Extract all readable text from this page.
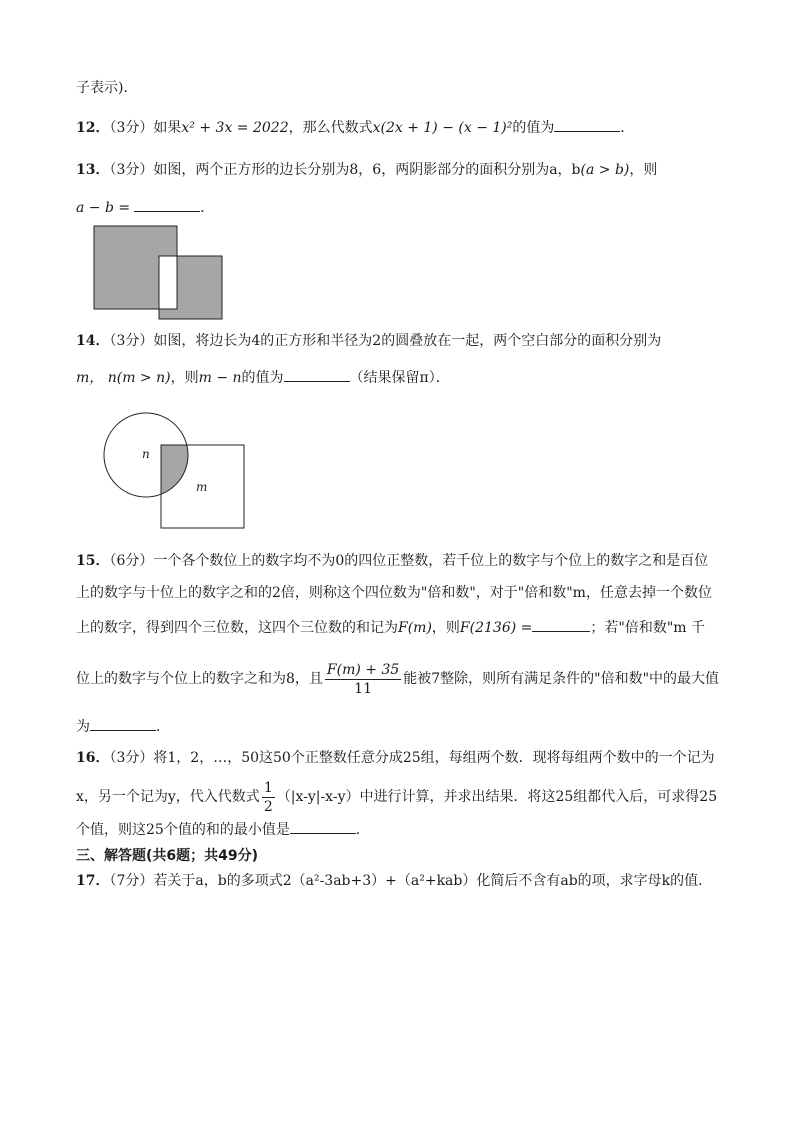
子表示)．
12．（3分）如果x² + 3x = 2022，那么代数式x(2x + 1) − (x − 1)²的值为	．
13．（3分）如图，两个正方形的边长分别为8，6，两阴影部分的面积分别为a，b(a > b)，则
a − b =	．
14．（3分）如图，将边长为4的正方形和半径为2的圆叠放在一起，两个空白部分的面积分别为
m， n(m > n)，则m − n的值为	（结果保留π）．
n
m
15．（6分）一个各个数位上的数字均不为0的四位正整数，若千位上的数字与个位上的数字之和是百位
上的数字与十位上的数字之和的2倍，则称这个四位数为"倍和数"，对于"倍和数"m，任意去掉一个数位
上的数字，得到四个三位数，这四个三位数的和记为F(m)，则F(2136) =	；若"倍和数"m 千
位上的数字与个位上的数字之和为8，且 $\frac{F(m) + 35}{11}$ 能被7整除，则所有满足条件的"倍和数"中的最大值
为	．
16．（3分）将1，2，…，50这50个正整数任意分成25组，每组两个数．现将每组两个数中的一个记为
x，另一个记为y，代入代数式 $\frac{1}{2} (|x-y|-x-y)$中进行计算，并求出结果．将这25组都代入后，可求得25
个值，则这25个值的和的最小值是	．
三、解答题(共6题；共49分)
17．（7分）若关于a，b的多项式2（a²-3ab+3）+（a²+kab）化简后不含有ab的项，求字母k的值.
